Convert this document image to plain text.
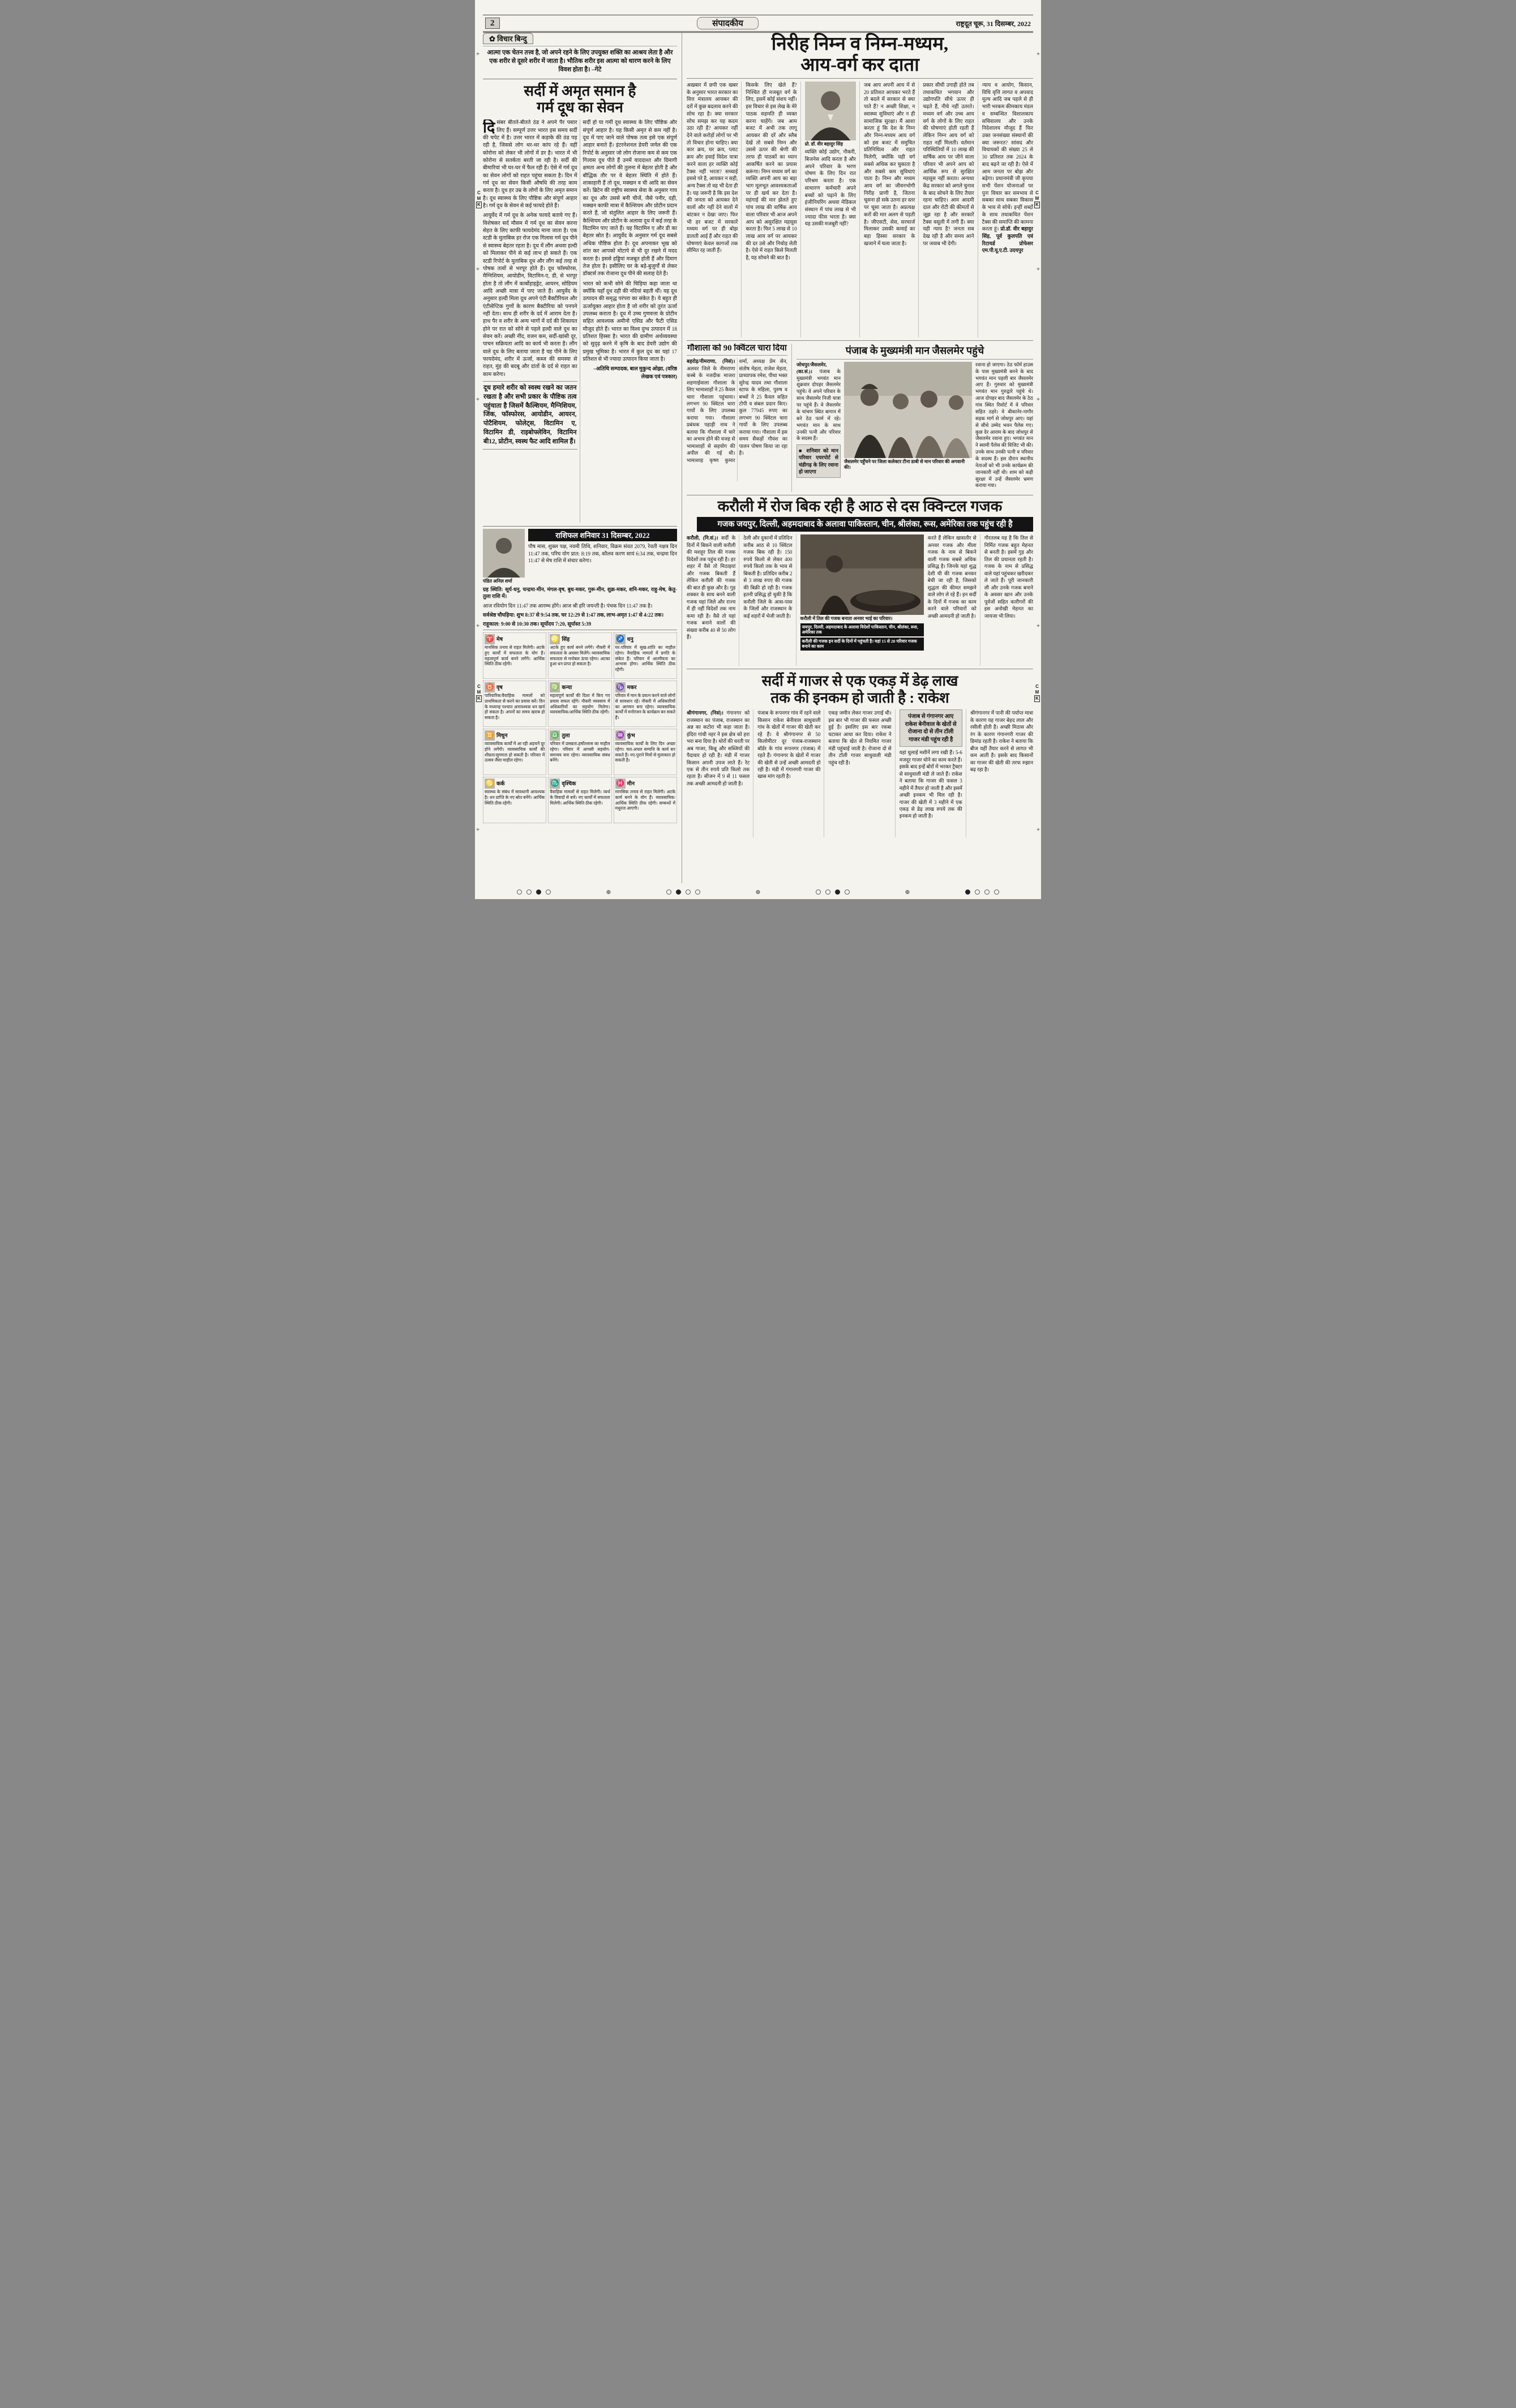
C
M
K
C
M
K
C
M
K
C
M
K
+
+
+
+
+
+
+
+
+
+
2	संपादकीय	राष्ट्रदूत चूरू, 31 दिसम्बर, 2022
✿ विचार बिन्दु

आत्मा एक चेतन तत्त्व है, जो अपने रहने के लिए उपयुक्त शक्ति का आश्रय लेता है और एक शरीर से दूसरे शरीर में जाता है। भौतिक शरीर इस आत्मा को धारण करने के लिए विवश होता है। –गेटे

सर्दी में अमृत समान है
गर्म दूध का सेवन

दि संबर बीतते-बीतते ठंड ने अपने पैर पसार लिए हैं। सम्पूर्ण उत्तर भारत इस समय सर्दी की चपेट में है। उत्तर भारत में कड़ाके की ठंड पड़ रही है, जिससे लोग थर-थर कांप रहे हैं। वहीं कोरोना को लेकर भी लोगों में डर है। भारत में भी कोरोना से सतर्कता बरती जा रही है। सर्दी की बीमारियां भी घर-घर में फैल रही हैं। ऐसे में गर्म दूध का सेवन लोगों को राहत पहुंचा सकता है। दिन में गर्म दूध का सेवन किसी औषधि की तरह काम करता है। दूध हर उम्र के लोगों के लिए अमृत समान है। दूध स्वास्थ्य के लिए पौष्टिक और संपूर्ण आहार है। गर्म दूध के सेवन से कई फायदे होते हैं।

आयुर्वेद में गर्म दूध के अनेक फायदे बताये गए हैं। विशेषकर सर्द मौसम में गर्म दूध का सेवन करना सेहत के लिए काफी फायदेमंद माना जाता है। एक स्टडी के मुताबिक हर रोज एक गिलास गर्म दूध पीने से स्वास्थ्य बेहतर रहता है। दूध में लौंग अथवा हल्दी को मिलाकर पीने से कई लाभ हो सकते हैं। एक स्टडी रिपोर्ट के मुताबिक दूध और लौंग कई तरह से पोषक तत्वों से भरपूर होते हैं। दूध फॉस्फोरस, मैग्निशियम, आयोडीन, विटामिन-ए, डी, से भरपूर होता है तो लौंग में कार्बोहाइड्रेट, आयरन, सोडियम आदि अच्छी मात्रा में पाए जाते हैं। आयुर्वेद के अनुसार हल्दी मिला दूध अपने एंटी बैक्टीरियल और एंटीसेप्टिक गुणों के कारण बैक्टीरिया को पनपने नहीं देता। साथ ही शरीर के दर्द में आराम देता है। हाथ पैर व शरीर के अन्य भागों में दर्द की शिकायत होने पर रात को सोने से पहले हल्दी वाले दूध का सेवन करें। अच्छी नींद, वजन कम, सर्दी-खांसी दूर, पाचन सक्रियता आदि का कार्य भी करता है। लौंग वाले दूध के लिए बताया जाता है यह पीने के लिए फायदेमंद, शरीर में ऊर्जा, कब्ज की समस्या से राहत, मुंह की बदबू और दांतों के दर्द से राहत का काम करेगा।

दूध हमारे शरीर को स्वस्थ रखने का जतन रखता है और सभी प्रकार के पौष्टिक तत्व पहुंचाता है जिसमें कैल्शियम, मैग्निशियम, जिंक, फॉस्फोरस, आयोडीन, आयरन, पोटैशियम, फोलेट्स, विटामिन ए, विटामिन डी, राइबोफ्लेविन, विटामिन बी12, प्रोटीन, स्वस्थ फैट आदि शामिल हैं।

सर्दी हो या गर्मी दूध स्वास्थ्य के लिए पौष्टिक और संपूर्ण आहार है। यह किसी अमृत से कम नहीं है। दूध में पाए जाने वाले पोषक तत्व इसे एक संपूर्ण आहार बनाते हैं। इंटरनेशनल डेयरी जर्नल की एक रिपोर्ट के अनुसार जो लोग रोजाना कम से कम एक गिलास दूध पीते हैं उनमें याददाश्त और दिमागी क्षमता अन्य लोगों की तुलना में बेहतर होती है और बौद्धिक तौर पर वे बेहतर स्थिति में होते हैं। शाकाहारी हैं तो दूध, मक्खन व घी आदि का सेवन करें। ब्रिटेन की राष्ट्रीय स्वास्थ्य सेवा के अनुसार गाय का दूध और उससे बनी चीजें, जैसे पनीर, दही, मक्खन काफी मात्रा में कैल्शियम और प्रोटीन प्रदान करते हैं, जो संतुलित आहार के लिए जरूरी हैं। कैल्शियम और प्रोटीन के अलावा दूध में कई तरह के विटामिन पाए जाते हैं। यह विटामिन ए और डी का बेहतर स्रोत है। आयुर्वेद के अनुसार गर्म दूध सबसे अधिक पौष्टिक होता है। दूध अपनाकर भूख को शांत कर आपको मोटापे से भी दूर रखने में मदद करता है। इससे हड्डियां मजबूत होती हैं और दिमाग तेज होता है। इसीलिए घर के बड़े-बुजुर्गों से लेकर डॉक्टर्स तक रोजाना दूध पीने की सलाह देते हैं।

भारत को कभी सोने की चिड़िया कहा जाता था क्योंकि यहाँ दूध दही की नदियां बहती थीं। यह दूध उत्पादन की समृद्ध परंपरा का संकेत है। ये बहुत ही ऊर्जायुक्त आहार होता है जो शरीर को तुरंत ऊर्जा उपलब्ध कराता है। दूध में उच्च गुणवत्ता के प्रोटीन सहित आवश्यक अमीनो एसिड और फैटी एसिड मौजूद होते हैं। भारत का विश्व दुग्ध उत्पादन में 18 प्रतिशत हिस्सा है। भारत की ग्रामीण अर्थव्यवस्था को सुदृढ़ करने में कृषि के बाद डेयरी उद्योग की प्रमुख भूमिका है। भारत में कुल दूध का यहां 17 प्रतिशत से भी ज्यादा उत्पादन किया जाता है।

–अतिथि सम्पादक, बाल मुकुन्द ओझा, (वरिष्ठ लेखक एवं पत्रकार)

पंडित अनिल शर्मा
राशिफल शनिवार 31 दिसम्बर, 2022

पौष मास, शुक्ल पक्ष, नवमी तिथि, शनिवार, विक्रम संवत 2079, रेवती नक्षत्र दिन 11:47 तक, परिघ योग प्रात: 8:19 तक, कौलव करण सायं 6:34 तक, चन्द्रमा दिन 11:47 से मेष राशि में संचार करेगा।

ग्रह स्थिति: सूर्य-धनु, चन्द्रमा-मीन, मंगल-वृष, बुध-मकर, गुरू-मीन, शुक्र-मकर, शनि-मकर, राहु-मेष, केतु-तुला राशि में।

आज रवियोग दिन 11:47 तक आरम्भ होंगे। आज श्री हरि जयन्ती है। पंचक दिन 11:47 तक है।

सर्वश्रेष्ठ चौघड़िया: शुभ 8:37 से 9:54 तक, चर 12:29 से 1:47 तक, लाभ-अमृत 1:47 से 4:22 तक।

राहूकाल: 9:00 से 10:30 तक। सूर्योदय 7:20, सूर्यास्त 5:39

♈ मेष

मानसिक तनाव से राहत मिलेगी। अटके हुए कार्यों में सफलता के योग हैं। महत्वपूर्ण कार्य बनने लगेंगे। आर्थिक स्थिति ठीक रहेगी।

♌ सिंह

अटके हुए कार्य बनने लगेंगे। नौकरी में सफलता के अवसर मिलेंगे। व्यावसायिक सफलता से मनोबल ऊंचा रहेगा। अटका हुआ धन प्राप्त हो सकता है।

♐ धनु

घर-परिवार में सुख-शांति का माहौल रहेगा। वैवाहिक मामलों में प्रगति के संकेत हैं। परिवार में आत्मीयता का आभास होगा। आर्थिक स्थिति ठीक रहेगी।

♉ वृष

पारिवारिक/वैवाहिक मामलों को प्राथमिकता से करने का प्रयास करें। दिन के मध्यान्ह पश्चात अनावश्यक धन खर्च हो सकता है। अपनों का समय खराब हो सकता है।

♍ कन्या

महत्वपूर्ण कार्यों की दिशा में किए गए प्रयास सफल रहेंगे। नौकरी व्यवसाय में अधिकारियों का सहयोग मिलेगा। व्यावसायिक/आर्थिक स्थिति ठीक रहेगी।

♑ मकर

परिवार में मान के प्रयत्न करने वाले लोगों से सावधान रहें। नौकरी में अधिकारियों का आगमन बना रहेगा। व्यावसायिक कार्यों में मनोरंजन के कार्यक्रम बन सकते हैं।

♊ मिथुन

व्यावसायिक कार्यों में आ रही अड़चनें दूर होने लगेंगी। व्यावसायिक कार्यों की शीघ्रता/सुगमता हो सकती है। परिवार में उत्सव जैसा माहौल रहेगा।

♎ तुला

परिवार में प्रसन्नता-हर्षोल्लास का माहौल रहेगा। परिवार में आपसी सहयोग-समन्वय बना रहेगा। व्यावसायिक संबंध बनेंगे।

♒ कुंभ

व्यावसायिक कार्यों के लिए दिन अच्छा रहेगा। चल-अचल सम्पत्ति के कार्य बन सकते हैं। नए-पुराने मित्रों से मुलाकात हो सकती है।

♋ कर्क

स्वास्थ्य के संबंध में सावधानी आवश्यक है। धन प्राप्ति के नए स्रोत बनेंगे। आर्थिक स्थिति ठीक रहेगी।

♏ वृश्चिक

वैवाहिक मामलों से राहत मिलेगी। व्यर्थ के विवादों से बचें। नए कार्यों में सफलता मिलेगी। आर्थिक स्थिति ठीक रहेगी।

♓ मीन

मानसिक तनाव से राहत मिलेगी। अटके कार्य बनने के योग हैं। व्यावसायिक/आर्थिक स्थिति ठीक रहेगी। सम्बन्धों में मधुरता आएगी।

निरीह निम्न व निम्न-मध्यम,
आय-वर्ग कर दाता
अखबार में छपी एक खबर के अनुसार भारत सरकार का वित्त मंत्रालय आयकर की दरों में कुछ बदलाव करने की सोच रहा है। क्या सरकार सोच समझ कर यह कदम उठा रही है? आयकर नहीं देने वाले करोड़ों लोगों पर भी तो विचार होना चाहिए। क्या कार क्रय, घर क्रय, प्लाट क्रय और हवाई विदेश यात्रा करने वाला हर व्यक्ति कोई टैक्स नहीं भरता? सच्चाई इससे परे है, आयकर न सही, अन्य टैक्स तो वह भी देता ही है। यह जरूरी है कि इस देश की जनता को आयकर देने वालों और नहीं देने वालों में बांटकर न देखा जाए। फिर भी हर बजट में सरकारें मध्यम वर्ग पर ही बोझ डालती आई हैं और राहत की घोषणाएं केवल कागजों तक सीमित रह जाती हैं।
किसके लिए खेले हैं? निश्चित ही मजबूत वर्ग के लिए, इसमें कोई संशय नहीं। इस विचार से इस लेख के मेरे पाठक सहमति ही व्यक्त करना चाहेंगे। जब आम बजट में अभी तक लागू आयकर की दरें और स्लैब देखें तो सबसे निम्न और उससे ऊपर की श्रेणी की तरफ ही पाठकों का ध्यान आकर्षित करने का प्रयास करूंगा। निम्न मध्यम वर्ग का व्यक्ति अपनी आय का बड़ा भाग मूलभूत आवश्यकताओं पर ही खर्च कर देता है। महंगाई की मार झेलते हुए पांच लाख की वार्षिक आय वाला परिवार भी आज अपने आप को असुरक्षित महसूस करता है। फिर 5 लाख से 10 लाख आय वर्ग पर आयकर की दर उसे और निचोड़ लेती है। ऐसे में राहत किसे मिलती है, यह सोचने की बात है।
प्रो. डॉ. वीर बहादुर सिंह
व्यक्ति कोई उद्योग, नौकरी, बिजनेस आदि करता है और अपने परिवार के भरण पोषण के लिए दिन रात परिश्रम करता है। एक साधारण कर्मचारी अपने बच्चों को पढ़ाने के लिए इंजीनियरिंग अथवा मेडिकल संस्थान में पांच लाख से भी ज्यादा फीस भरता है। क्या यह उसकी मजबूरी नहीं?
जब आप अपनी आय में से 20 प्रतिशत आयकर भरते हैं तो बदले में सरकार से क्या पाते हैं? न अच्छी शिक्षा, न स्वास्थ्य सुविधाएं और न ही सामाजिक सुरक्षा। मैं आशा करता हूं कि देश के निम्न और निम्न-मध्यम आय वर्ग को इस बजट में समुचित प्रतिनिधित्व और राहत मिलेगी, क्योंकि यही वर्ग सबसे अधिक कर चुकाता है और सबसे कम सुविधाएं पाता है। निम्न और मध्यम आय वर्ग का जीवनभोगी निरीह प्राणी है, जितना चूसना हो सके उतना हर स्तर पर चूसा जाता है। अप्रत्यक्ष करों की मार अलग से पड़ती है। जीएसटी, सेस, सरचार्ज मिलाकर उसकी कमाई का बड़ा हिस्सा सरकार के खजाने में चला जाता है।
प्रकार सीधी उगाही होते तब तथाकथित भगवान और उद्योगपति सीधे ऊपर ही चढ़ते हैं, नीचे नहीं उतरते। मध्यम वर्ग और उच्च आय वर्ग के लोगों के लिए राहत की घोषणाएं होती रहती हैं लेकिन निम्न आय वर्ग को राहत नहीं मिलती। वर्तमान परिस्थितियों में 10 लाख की वार्षिक आय पर जीने वाला परिवार भी अपने आप को आर्थिक रूप से सुरक्षित महसूस नहीं करता। अन्यथा केंद्र सरकार को अगले चुनाव के बाद सोचने के लिए तैयार रहना चाहिए। आम आदमी दाल और रोटी की कीमतों से जूझ रहा है और सरकारें टैक्स वसूली में लगी हैं। क्या यही न्याय है? जनता सब देख रही है और समय आने पर जवाब भी देगी।
न्याय व आयोग, किसान, विधि वृत्ति लागत व अपवाद मूल्य आदि जब पहले से ही भारी भरकम कीमकाय मंडल व सम्बन्धित विशालकाय सचिवालय और उनके निदेशालय मौजूद हैं फिर उक्त जनसंख्या संस्थानों की क्या जरूरत? सांसद और विधायकों की संख्या 25 से 30 प्रतिशत तक 2024 के बाद बढ़ने जा रही है। ऐसे में आम जनता पर बोझ और बढ़ेगा। प्रधानमंत्री जी कृपया सभी पेंशन योजनाओं पर पुनः विचार कर समभाव से सबका साथ सबका विकास के भाव से सोचें। इन्हीं शब्दों के साथ तथाकथित पेंशन टैक्स की समाप्ति की कामना करता हूं। प्रो.डॉ. वीर बहादुर सिंह, पूर्व कुलपति एवं रिटायर्ड प्रोफेसर एम.पी.यू.ए.टी. उदयपुर
गौशाला को 90 क्विंटल चारा दिया
बहरोड़/नीमराणा, (निसं)। अलवर जिले के नीमराणा कस्बे के नजदीक माजरा शहणाईवाला गौशाला के लिए भामाशाहों ने 25 कैवल चारा गौशाला पहुंचाया। लगभग 90 क्विंटल चारा गायों के लिए उपलब्ध कराया गया। गौशाला प्रबंधक पहाड़ी नाथ ने बताया कि गौशाला में चारे का अभाव होने की वजह से भामाशाहों से सहयोग की अपील की गई थी। भामाशाह कृष्ण कुमार शर्मा, अध्यक्ष प्रेम सेन, संतोष मेहता, राजेश मेहता, प्राध्यापक रमेश, पीथा भक्त सुरेन्द्र यादव तथा गौशाला स्टाफ के महिला, पुरुष व बच्चों ने 25 कैवल सहित टोपी व संबल प्रदान किए। कुल 77945 रुपए का लगभग 90 क्विंटल चारा गायों के लिए उपलब्ध कराया गया। गौशाला में इस समय सैकड़ों गौवंश का पालन पोषण किया जा रहा है।
पंजाब के मुख्यमंत्री मान जैसलमेर पहुंचे

जोधपुर/जैसलमेर, (का.सं.)। पंजाब के मुख्यमंत्री भगवंत मान शुक्रवार दोपहर जैसलमेर पहुंचे। वे अपने परिवार के साथ जैसलमेर निजी यात्रा पर पहुंचे हैं। वे जैसलमेर के चांचण स्थित बागान में बने ठेठ फार्म में रहे। भगवंत मान के साथ उनकी पत्नी और परिवार के सदस्य हैं।

■ शनिवार को मान परिवार एयरपोर्ट से चंडीगढ़ के लिए रवाना हो जाएगा
जैसलमेर पहुँचने पर जिला कलेक्टर टीना डाबी से मान परिवार की अगवानी की।
रवाना हो जाएगा। ठेठ फॉर्म हाउस के पास मुख्यमंत्री बनने के बाद भगवंत मान पहली बार जैसलमेर आए हैं। गुरुवार को मुख्यमंत्री भगवंत मान गुरुद्वारे पहुंचे थे। आज दोपहर बाद जैसलमेर के ठेठ गांव स्थित रिसोर्ट में वे परिवार सहित ठहरे। वे बीकानेर-नागौर सड़क मार्ग से जोधपुर आए। यहां से सीधे उम्मेद भवन पैलेस गए। कुछ देर आराम के बाद जोधपुर से जैसलमेर रवाना हुए। भगवंत मान ने स्वामी पैलेस की विजिट भी की। उनके साथ उनकी पत्नी व परिवार के सदस्य हैं। इस दौरान स्थानीय नेताओं को भी उनके कार्यक्रम की जानकारी नहीं थी। शाम को कड़ी सुरक्षा में उन्हें जैसलमेर भ्रमण कराया गया।
करौली में रोज बिक रही है आठ से दस क्विन्टल गजक
गजक जयपुर, दिल्ली, अहमदाबाद के अलावा पाकिस्तान, चीन, श्रीलंका, रूस, अमेरिका तक पहुंच रही है
करौली, (नि.सं.)। सर्दी के दिनों में बिकने वाली करौली की मशहूर तिल की गजक विदेशों तक पहुंच रही है। हर शहर में वैसे तो मिठाइयां और गजक बिकती हैं लेकिन करौली की गजक की बात ही कुछ और है। गुड़ शक्कर के साथ बनने वाली गजक यहां जिले और राज्य में ही नहीं विदेशों तक नाम कमा रही है। वैसे तो यहां गजक बनाने वालों की संख्या करीब 40 से 50 लोग हैं।
ठेली और दुकानों में प्रतिदिन करीब आठ से 10 क्विंटल गजक बिक रही है। 150 रुपये किलो से लेकर 400 रुपये किलो तक के भाव से बिकती है। प्रतिदिन करीब 2 से 3 लाख रुपए की गजक की बिक्री हो रही है। गजक इतनी प्रसिद्ध हो चुकी है कि करौली जिले के आस-पास के जिलों और राजस्थान के कई शहरों में भेजी जाती है।
करौली में तिल की गजक बनाता अनवर भाई का परिवार।
जयपुर, दिल्ली, अहमदाबाद के अलावा विदेशों पाकिस्तान, चीन, श्रीलंका, रूस, अमेरिका तक
करौली की गजक इन सर्दी के दिनों में पहुंचती है। यहां 15 से 20 परिवार गजक बनाने का काम
करते हैं लेकिन खासतौर से अनवर गजक और मीला गजक के नाम से बिकने वाली गजक सबसे अधिक प्रसिद्ध है। जिनके यहां शुद्ध देशी घी की गजक बनकर बेची जा रही है, जिसको शुद्धता की कीमत समझने वाले लोग ले रहे हैं। इन सर्दी के दिनों में गजक का काम करने वाले परिवारों को अच्छी आमदनी हो जाती है।
गौरतलब यह है कि तिल से निर्मित गजक बहुत मेहनत से बनती है। इसमें गुड़ और तिल की प्रधानता रहती है। गजक के नाम से प्रसिद्ध वाले यहां पहुंचकर खरीदकर ले जाते हैं। पूरी जानकारी ली और उनके गजक बनाने के अवसर खान और उनके पूर्वजों सहित कारीगरों की इस अनोखी मेहनत का जायजा भी लिया।
सर्दी में गाजर से एक एकड़ में डेढ़ लाख
तक की इनकम हो जाती है : राकेश
श्रीगंगानगर, (निसं)। गंगानगर को राजस्थान का पंजाब, राजस्थान का अन्न का कटोरा भी कहा जाता है। इंदिरा गांधी नहर ने इस क्षेत्र को हरा भरा बना दिया है। धोरों की धरती पर अब गाजर, किन्नू और सब्जियों की पैदावार हो रही है। मंडी में गाजर किसान अपनी उपज लाते हैं। रेट एक से तीन रुपये प्रति किलो तक रहता है। सीजन में 9 से 11 फसल तक अच्छी आमदनी हो जाती है।
पंजाब के रूपनगर गांव में रहने वाले किसान राकेश बेनीवाल साधुवाली गांव के खेतों में गाजर की खेती कर रहे हैं। वे श्रीगंगानगर से 50 किलोमीटर दूर पंजाब-राजस्थान बॉर्डर के गांव रूपनगर (पंजाब) में रहते हैं। गंगानगर के खेतों में गाजर की खेती से उन्हें अच्छी आमदनी हो रही है। मंडी में गंगानगरी गाजर की खास मांग रहती है।
एकड़ जमीन लेकर गाजर उगाई थी। इस बार भी गाजर की फसल अच्छी हुई है। इसलिए इस बार रकबा घटाकर आधा कर दिया। राकेश ने बताया कि खेत से नियमित गाजर मंडी पहुंचाई जाती है। रोजाना दो से तीन टॉली गाजर साधुवाली मंडी पहुंच रही है।
पंजाब से गंगानगर आए राकेश बेनीवाल के खेतों से रोजाना दो से तीन टॉली गाजर मंडी पहुंच रही है
यहां धुलाई मशीनें लगा रखी हैं। 5-6 मजदूर गाजर धोने का काम करते हैं। इसके बाद इन्हें बोरों में भरकर ट्रैक्टर से साधुवाली मंडी ले जाते हैं। राकेश ने बताया कि गाजर की फसल 3 महीने में तैयार हो जाती है और इसमें अच्छी इनकम भी मिल रही है। गाजर की खेती में 3 महीने में एक एकड़ से डेढ़ लाख रुपये तक की इनकम हो जाती है।
श्रीगंगानगर में पानी की पर्याप्त मात्रा के कारण यह गाजर बेहद लाल और रसीली होती है। अच्छी मिठास और रंग के कारण गंगानगरी गाजर की डिमांड रहती है। राकेश ने बताया कि बीज यहीं तैयार करने से लागत भी कम आती है। इसके बाद किसानों का गाजर की खेती की तरफ रुझान बढ़ रहा है।
⊕	⊕	⊕
